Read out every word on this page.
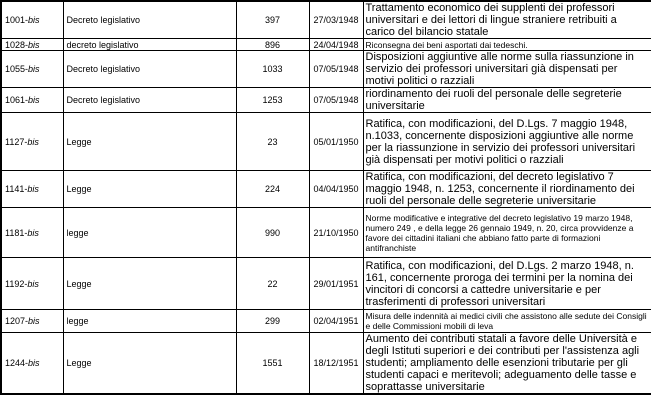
1001-bis	Decreto legislativo	397	27/03/1948	Trattamento economico dei supplenti dei professori universitari e dei lettori di lingue straniere retribuiti a carico del bilancio statale
1028-bis	decreto legislativo	896	24/04/1948	Riconsegna dei beni asportati dai tedeschi.
1055-bis	Decreto legislativo	1033	07/05/1948	Disposizioni aggiuntive alle norme sulla riassunzione in servizio dei professori universitari già dispensati per motivi politici o razziali
1061-bis	Decreto legislativo	1253	07/05/1948	riordinamento dei ruoli del personale delle segreterie universitarie
1127-bis	Legge	23	05/01/1950	Ratifica, con modificazioni, del D.Lgs. 7 maggio 1948, n.1033, concernente disposizioni aggiuntive alle norme per la riassunzione in servizio dei professori universitari già dispensati per motivi politici o razziali
1141-bis	Legge	224	04/04/1950	Ratifica, con modificazioni, del decreto legislativo 7 maggio 1948, n. 1253, concernente il riordinamento dei ruoli del personale delle segreterie universitarie
1181-bis	legge	990	21/10/1950	Norme modificative e integrative del decreto legislativo 19 marzo 1948, numero 249 , e della legge 26 gennaio 1949, n. 20, circa provvidenze a favore dei cittadini italiani che abbiano fatto parte di formazioni antifranchiste
1192-bis	Legge	22	29/01/1951	Ratifica, con modificazioni, del D.Lgs. 2 marzo 1948, n. 161, concernente proroga dei termini per la nomina dei vincitori di concorsi a cattedre universitarie e per trasferimenti di professori universitari
1207-bis	legge	299	02/04/1951	Misura delle indennità ai medici civili che assistono alle sedute dei Consigli e delle Commissioni mobili di leva
1244-bis	Legge	1551	18/12/1951	Aumento dei contributi statali a favore delle Università e degli Istituti superiori e dei contributi per l'assistenza agli studenti; ampliamento delle esenzioni tributarie per gli studenti capaci e meritevoli; adeguamento delle tasse e soprattasse universitarie
